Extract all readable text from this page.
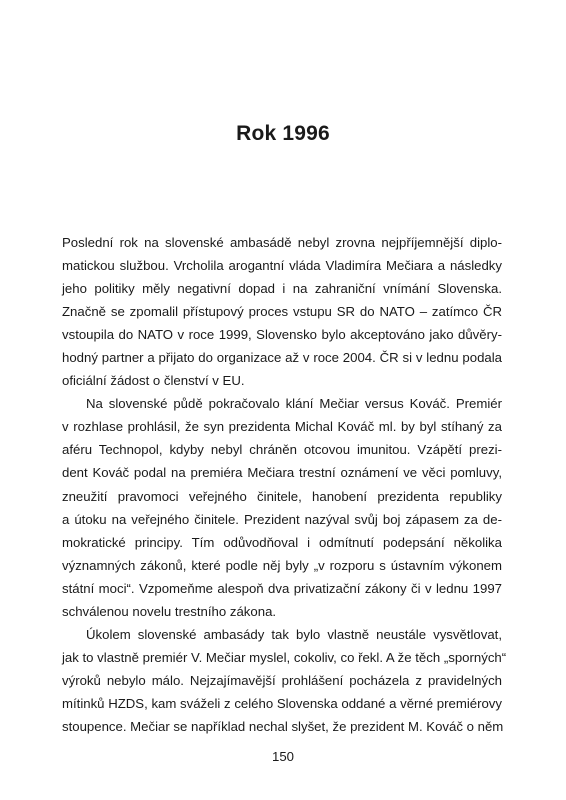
Rok 1996

Poslední rok na slovenské ambasádě nebyl zrovna nejpříjemnější diplo-
matickou službou. Vrcholila arogantní vláda Vladimíra Mečiara a následky
jeho politiky měly negativní dopad i na zahraniční vnímání Slovenska.
Značně se zpomalil přístupový proces vstupu SR do NATO – zatímco ČR
vstoupila do NATO v roce 1999, Slovensko bylo akceptováno jako důvěry-
hodný partner a přijato do organizace až v roce 2004. ČR si v lednu podala
oficiální žádost o členství v EU.

Na slovenské půdě pokračovalo klání Mečiar versus Kováč. Premiér
v rozhlase prohlásil, že syn prezidenta Michal Kováč ml. by byl stíhaný za
aféru Technopol, kdyby nebyl chráněn otcovou imunitou. Vzápětí prezi-
dent Kováč podal na premiéra Mečiara trestní oznámení ve věci pomluvy,
zneužití pravomoci veřejného činitele, hanobení prezidenta republiky
a útoku na veřejného činitele. Prezident nazýval svůj boj zápasem za de-
mokratické principy. Tím odůvodňoval i odmítnutí podepsání několika
významných zákonů, které podle něj byly „v rozporu s ústavním výkonem
státní moci“. Vzpomeňme alespoň dva privatizační zákony či v lednu 1997
schválenou novelu trestního zákona.

Úkolem slovenské ambasády tak bylo vlastně neustále vysvětlovat,
jak to vlastně premiér V. Mečiar myslel, cokoliv, co řekl. A že těch „sporných“
výroků nebylo málo. Nejzajímavější prohlášení pocházela z pravidelných
mítinků HZDS, kam sváželi z celého Slovenska oddané a věrné premiérovy
stoupence. Mečiar se například nechal slyšet, že prezident M. Kováč o něm

150
